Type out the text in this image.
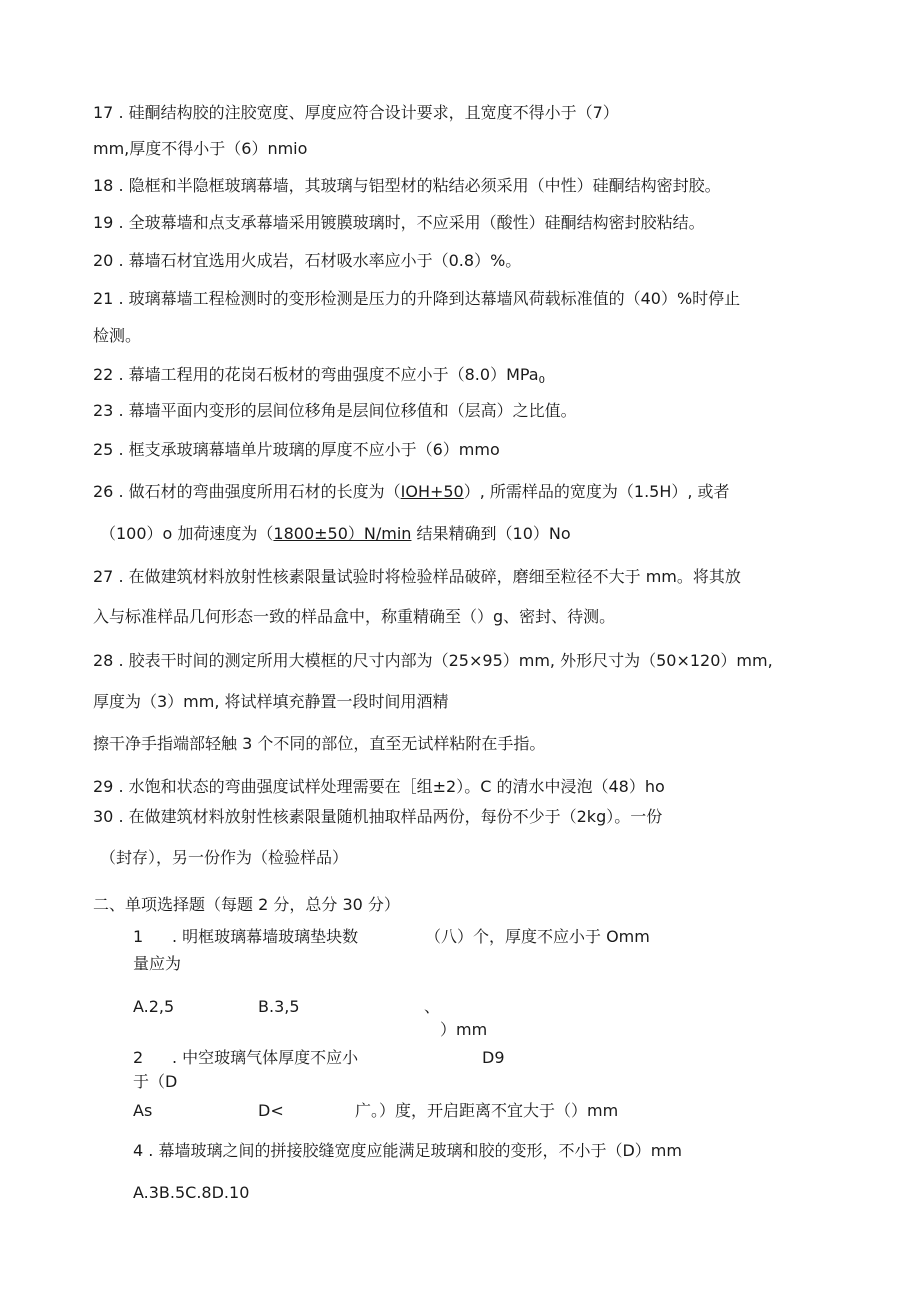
17 . 硅酮结构胶的注胶宽度、厚度应符合设计要求，且宽度不得小于（7）
mm,厚度不得小于（6）nmio
18 . 隐框和半隐框玻璃幕墙，其玻璃与铝型材的粘结必须采用（中性）硅酮结构密封胶。
19 . 全玻幕墙和点支承幕墙采用镀膜玻璃时，不应采用（酸性）硅酮结构密封胶粘结。
20 . 幕墙石材宜选用火成岩，石材吸水率应小于（0.8）%。
21 . 玻璃幕墙工程检测时的变形检测是压力的升降到达幕墙风荷载标准值的（40）%时停止
检测。
22 . 幕墙工程用的花岗石板材的弯曲强度不应小于（8.0）MPa$_0$
23 . 幕墙平面内变形的层间位移角是层间位移值和（层高）之比值。
25 . 框支承玻璃幕墙单片玻璃的厚度不应小于（6）mmo
26 . 做石材的弯曲强度所用石材的长度为（IOH+50）, 所需样品的宽度为（1.5H）, 或者
（100）o 加荷速度为（1800±50）N/min 结果精确到（10）No
27 . 在做建筑材料放射性核素限量试验时将检验样品破碎，磨细至粒径不大于 mm。将其放
入与标准样品几何形态一致的样品盒中，称重精确至（）g、密封、待测。
28 . 胶表干时间的测定所用大模框的尺寸内部为（25×95）mm, 外形尺寸为（50×120）mm,
厚度为（3）mm, 将试样填充静置一段时间用酒精
擦干净手指端部轻触 3 个不同的部位，直至无试样粘附在手指。
29 . 水饱和状态的弯曲强度试样处理需要在［组±2）。C 的清水中浸泡（48）ho
30 . 在做建筑材料放射性核素限量随机抽取样品两份，每份不少于（2kg）。一份
（封存），另一份作为（检验样品）
二、单项选择题（每题 2 分，总分 30 分）
1 . 明框玻璃幕墙玻璃垫块数	（八）个，厚度不应小于 Omm
量应为
A.2,5	B.3,5	、
）mm
2 . 中空玻璃气体厚度不应小	D9
于（D
As	D<	广。）度，开启距离不宜大于（）mm
4 . 幕墙玻璃之间的拼接胶缝宽度应能满足玻璃和胶的变形，不小于（D）mm
A.3B.5C.8D.10
